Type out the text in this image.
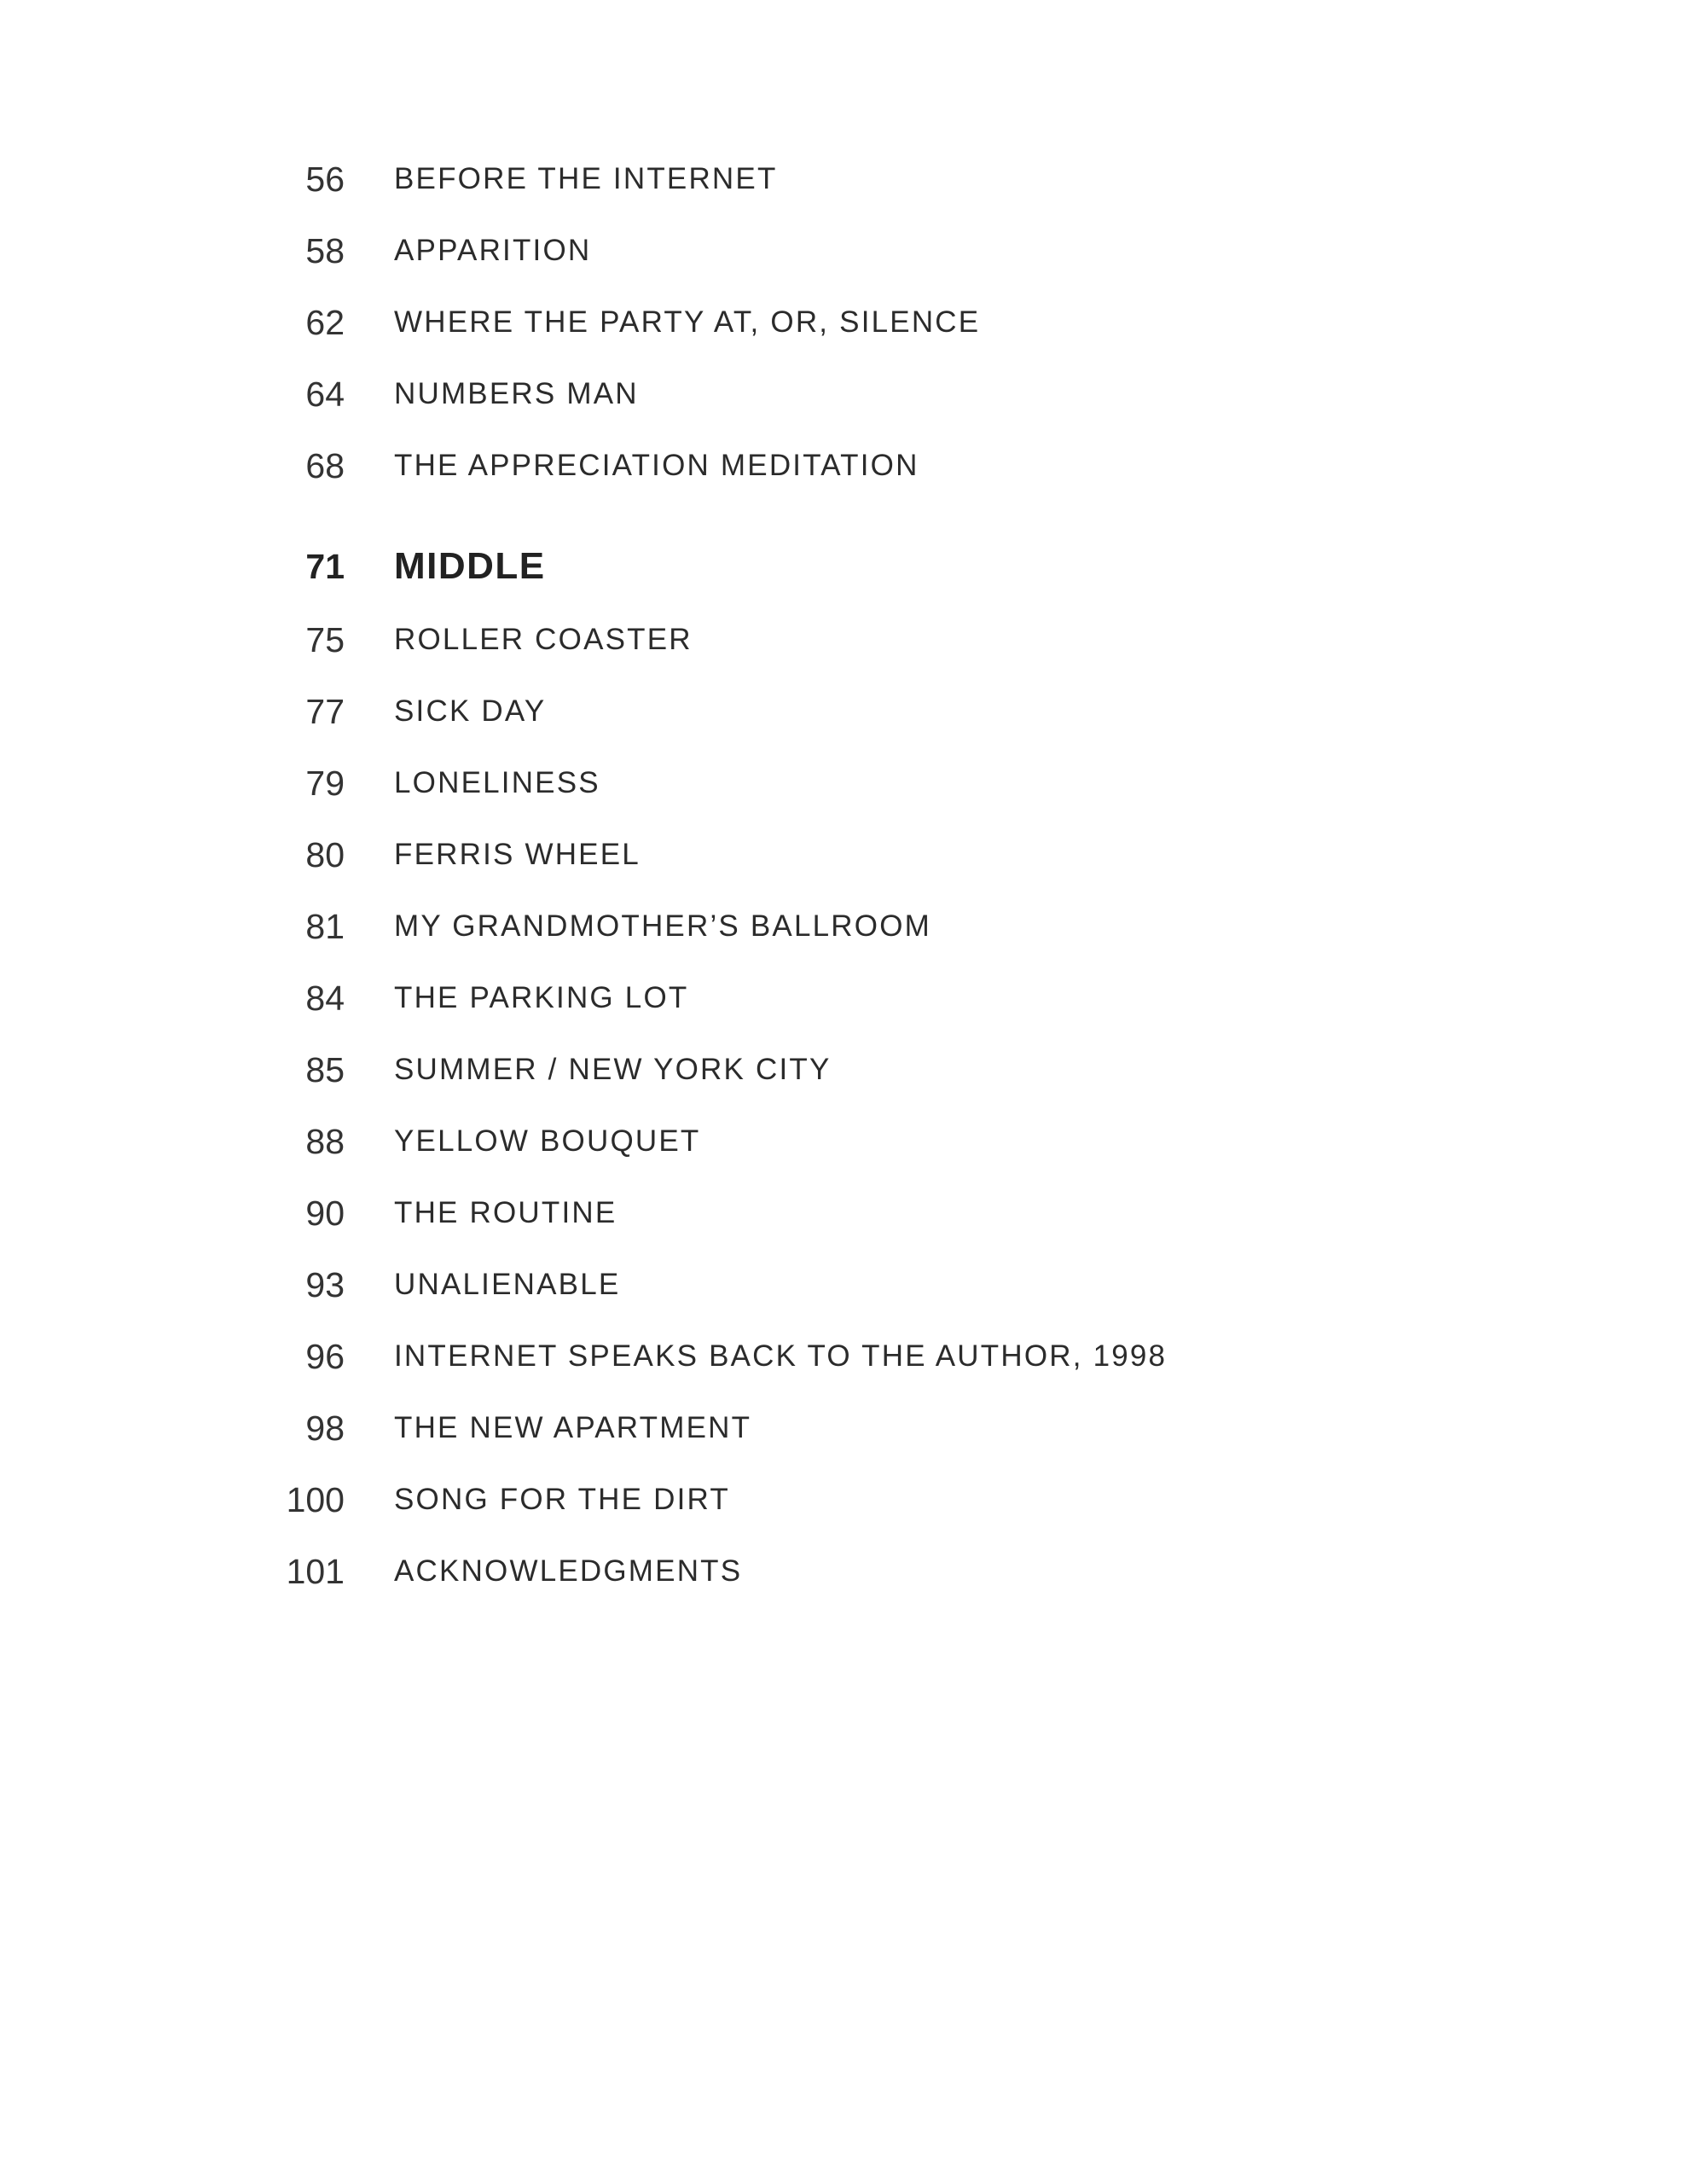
56 BEFORE THE INTERNET
58 APPARITION
62 WHERE THE PARTY AT, OR, SILENCE
64 NUMBERS MAN
68 THE APPRECIATION MEDITATION
71 MIDDLE
75 ROLLER COASTER
77 SICK DAY
79 LONELINESS
80 FERRIS WHEEL
81 MY GRANDMOTHER’S BALLROOM
84 THE PARKING LOT
85 SUMMER / NEW YORK CITY
88 YELLOW BOUQUET
90 THE ROUTINE
93 UNALIENABLE
96 INTERNET SPEAKS BACK TO THE AUTHOR, 1998
98 THE NEW APARTMENT
100 SONG FOR THE DIRT
101 ACKNOWLEDGMENTS
